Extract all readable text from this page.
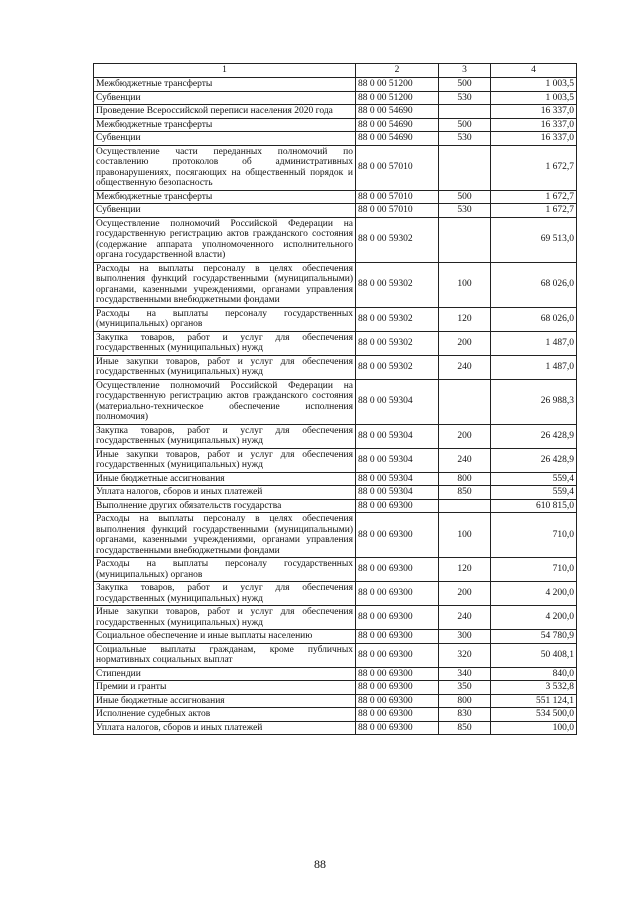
1	2	3	4
Межбюджетные трансферты	88 0 00 51200	500	1 003,5
Субвенции	88 0 00 51200	530	1 003,5
Проведение Всероссийской переписи населения 2020 года	88 0 00 54690		16 337,0
Межбюджетные трансферты	88 0 00 54690	500	16 337,0
Субвенции	88 0 00 54690	530	16 337,0
Осуществление части переданных полномочий по составлению протоколов об административных правонарушениях, посягающих на общественный порядок и общественную безопасность	88 0 00 57010		1 672,7
Межбюджетные трансферты	88 0 00 57010	500	1 672,7
Субвенции	88 0 00 57010	530	1 672,7
Осуществление полномочий Российской Федерации на государственную регистрацию актов гражданского состояния (содержание аппарата уполномоченного исполнительного органа государственной власти)	88 0 00 59302		69 513,0
Расходы на выплаты персоналу в целях обеспечения выполнения функций государственными (муниципальными) органами, казенными учреждениями, органами управления государственными внебюджетными фондами	88 0 00 59302	100	68 026,0
Расходы на выплаты персоналу государственных (муниципальных) органов	88 0 00 59302	120	68 026,0
Закупка товаров, работ и услуг для обеспечения государственных (муниципальных) нужд	88 0 00 59302	200	1 487,0
Иные закупки товаров, работ и услуг для обеспечения государственных (муниципальных) нужд	88 0 00 59302	240	1 487,0
Осуществление полномочий Российской Федерации на государственную регистрацию актов гражданского состояния (материально-техническое обеспечение исполнения полномочия)	88 0 00 59304		26 988,3
Закупка товаров, работ и услуг для обеспечения государственных (муниципальных) нужд	88 0 00 59304	200	26 428,9
Иные закупки товаров, работ и услуг для обеспечения государственных (муниципальных) нужд	88 0 00 59304	240	26 428,9
Иные бюджетные ассигнования	88 0 00 59304	800	559,4
Уплата налогов, сборов и иных платежей	88 0 00 59304	850	559,4
Выполнение других обязательств государства	88 0 00 69300		610 815,0
Расходы на выплаты персоналу в целях обеспечения выполнения функций государственными (муниципальными) органами, казенными учреждениями, органами управления государственными внебюджетными фондами	88 0 00 69300	100	710,0
Расходы на выплаты персоналу государственных (муниципальных) органов	88 0 00 69300	120	710,0
Закупка товаров, работ и услуг для обеспечения государственных (муниципальных) нужд	88 0 00 69300	200	4 200,0
Иные закупки товаров, работ и услуг для обеспечения государственных (муниципальных) нужд	88 0 00 69300	240	4 200,0
Социальное обеспечение и иные выплаты населению	88 0 00 69300	300	54 780,9
Социальные выплаты гражданам, кроме публичных нормативных социальных выплат	88 0 00 69300	320	50 408,1
Стипендии	88 0 00 69300	340	840,0
Премии и гранты	88 0 00 69300	350	3 532,8
Иные бюджетные ассигнования	88 0 00 69300	800	551 124,1
Исполнение судебных актов	88 0 00 69300	830	534 500,0
Уплата налогов, сборов и иных платежей	88 0 00 69300	850	100,0
88
